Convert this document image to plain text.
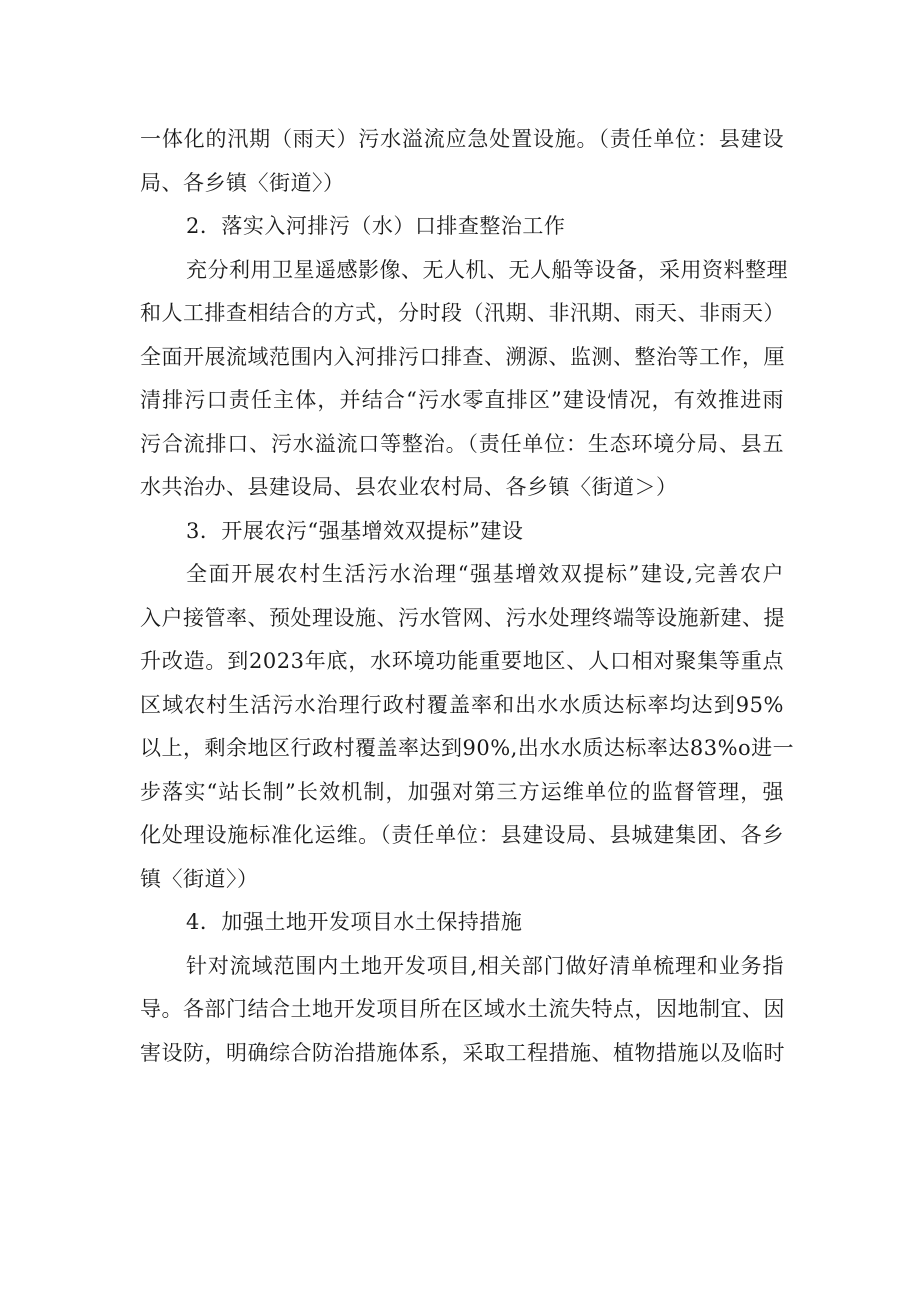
一体化的汛期（雨天）污水溢流应急处置设施。（责任单位：县建设
局、各乡镇〈街道〉）
2．落实入河排污（水）口排查整治工作
充分利用卫星遥感影像、无人机、无人船等设备，采用资料整理
和人工排查相结合的方式，分时段（汛期、非汛期、雨天、非雨天）
全面开展流域范围内入河排污口排查、溯源、监测、整治等工作，厘
清排污口责任主体，并结合“污水零直排区”建设情况，有效推进雨
污合流排口、污水溢流口等整治。（责任单位：生态环境分局、县五
水共治办、县建设局、县农业农村局、各乡镇〈街道＞）
3．开展农污“强基增效双提标”建设
全面开展农村生活污水治理“强基增效双提标”建设,完善农户
入户接管率、预处理设施、污水管网、污水处理终端等设施新建、提
升改造。到2023年底，水环境功能重要地区、人口相对聚集等重点
区域农村生活污水治理行政村覆盖率和出水水质达标率均达到95%
以上，剩余地区行政村覆盖率达到90%,出水水质达标率达83%o进一
步落实“站长制”长效机制，加强对第三方运维单位的监督管理，强
化处理设施标准化运维。（责任单位：县建设局、县城建集团、各乡
镇〈街道〉）
4．加强土地开发项目水土保持措施
针对流域范围内土地开发项目,相关部门做好清单梳理和业务指
导。各部门结合土地开发项目所在区域水土流失特点，因地制宜、因
害设防，明确综合防治措施体系，采取工程措施、植物措施以及临时
